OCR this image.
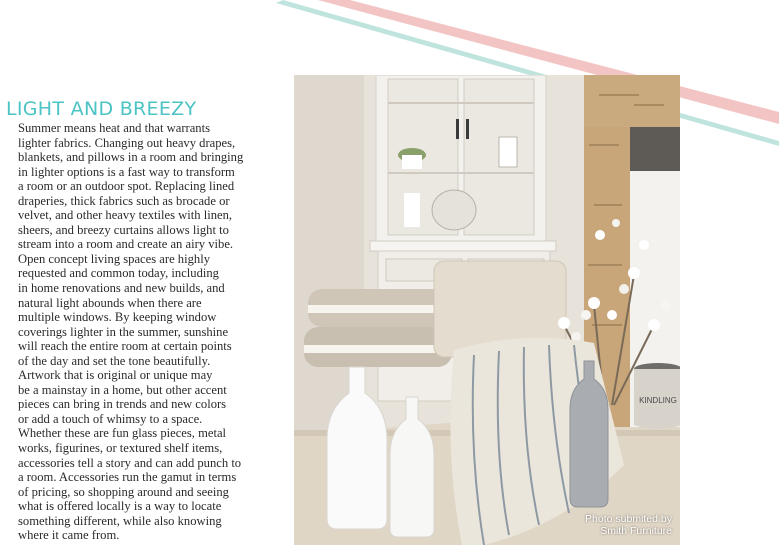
LIGHT AND BREEZY

Summer means heat and that warrants
lighter fabrics. Changing out heavy drapes,
blankets, and pillows in a room and bringing
in lighter options is a fast way to transform
a room or an outdoor spot. Replacing lined
draperies, thick fabrics such as brocade or
velvet, and other heavy textiles with linen,
sheers, and breezy curtains allows light to
stream into a room and create an airy vibe.

Open concept living spaces are highly
requested and common today, including
in home renovations and new builds, and
natural light abounds when there are
multiple windows. By keeping window
coverings lighter in the summer, sunshine
will reach the entire room at certain points
of the day and set the tone beautifully.

Artwork that is original or unique may
be a mainstay in a home, but other accent
pieces can bring in trends and new colors
or add a touch of whimsy to a space.
Whether these are fun glass pieces, metal
works, figurines, or textured shelf items,
accessories tell a story and can add punch to
a room. Accessories run the gamut in terms
of pricing, so shopping around and seeing
what is offered locally is a way to locate
something different, while also knowing
where it came from.

KINDLING
Photo submited by
Smith Furniture
